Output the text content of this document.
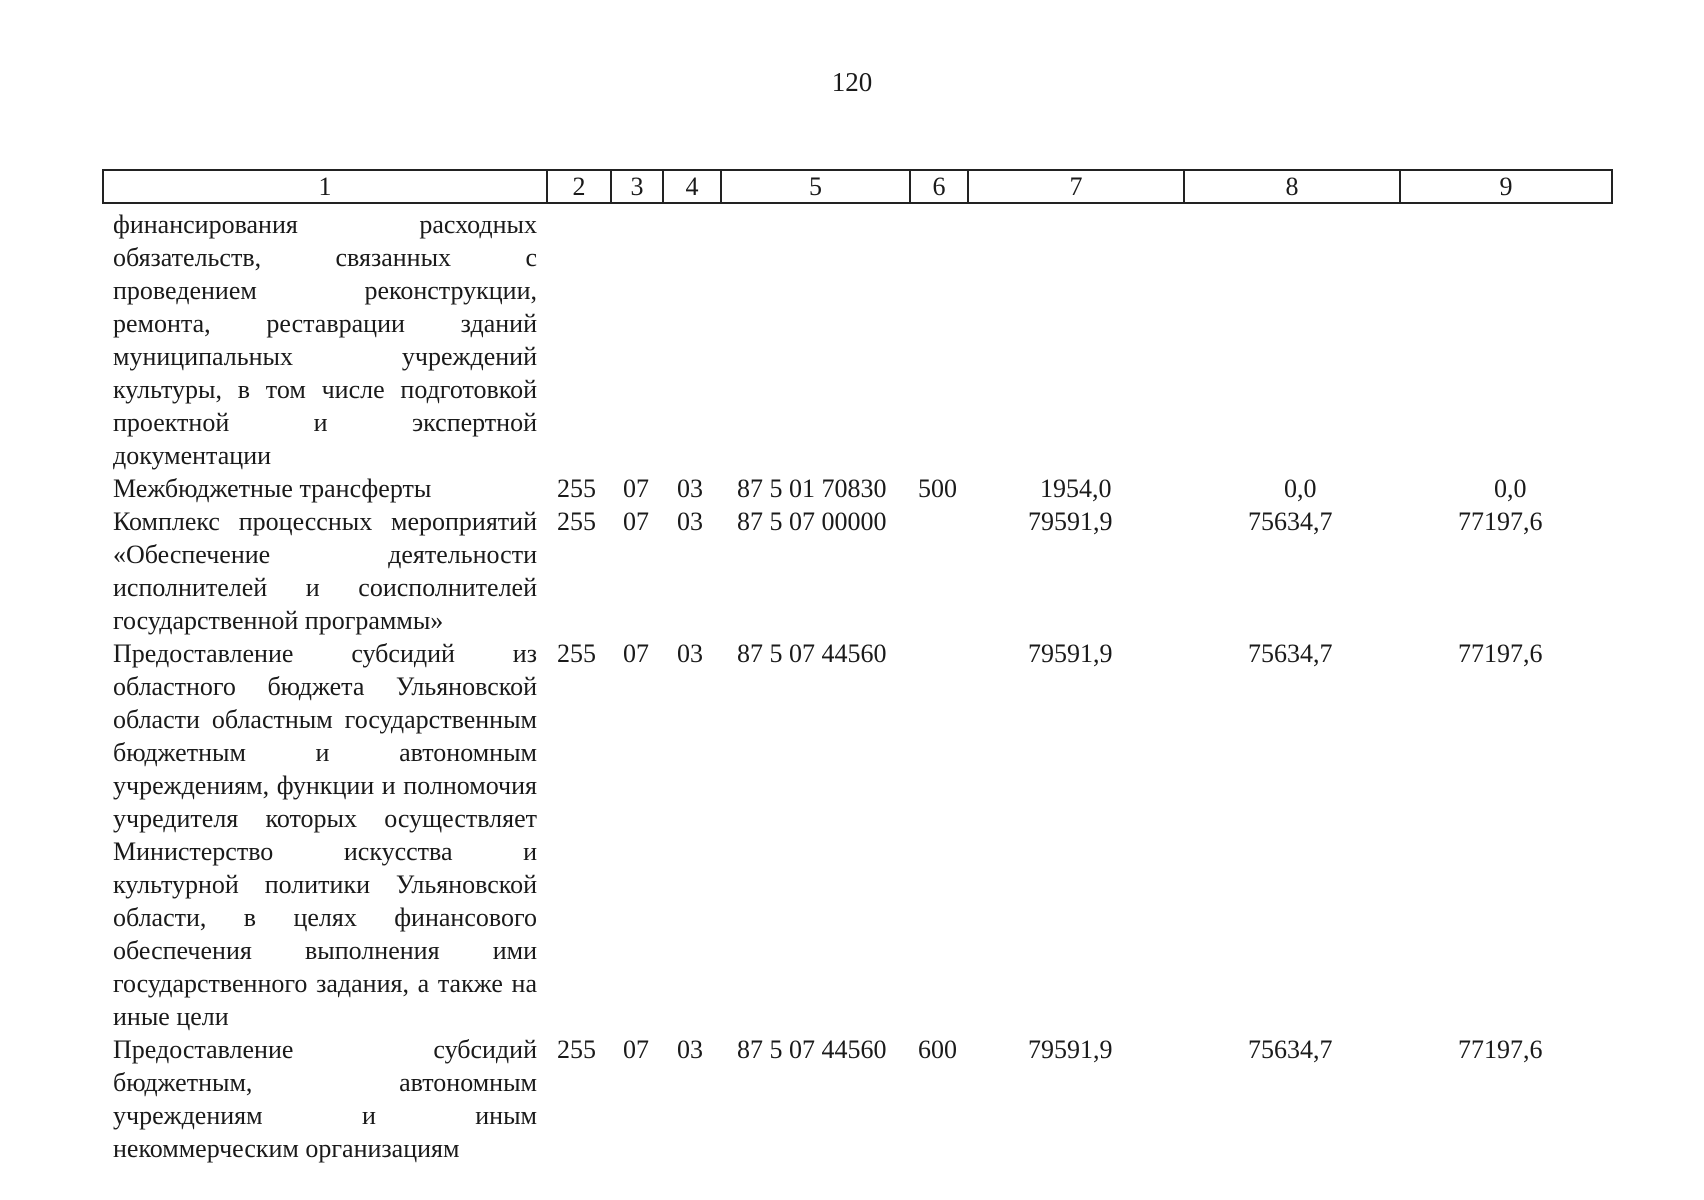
120
1	2	3	4	5	6	7	8	9
финансирования расходных обязательств, связанных с проведением реконструкции, ремонта, реставрации зданий муниципальных учреждений культуры, в том числе подготовкой проектной и экспертной документации								
Межбюджетные трансферты	255	07	03	87 5 01 70830	500	1954,0	0,0	0,0
Комплекс процессных мероприятий «Обеспечение деятельности исполнителей и соисполнителей государственной программы»	255	07	03	87 5 07 00000		79591,9	75634,7	77197,6
Предоставление субсидий из областного бюджета Ульяновской области областным государственным бюджетным и автономным учреждениям, функции и полномочия учредителя которых осуществляет Министерство искусства и культурной политики Ульяновской области, в целях финансового обеспечения выполнения ими государственного задания, а также на иные цели	255	07	03	87 5 07 44560		79591,9	75634,7	77197,6
Предоставление субсидий бюджетным, автономным учреждениям и иным некоммерческим организациям	255	07	03	87 5 07 44560	600	79591,9	75634,7	77197,6
